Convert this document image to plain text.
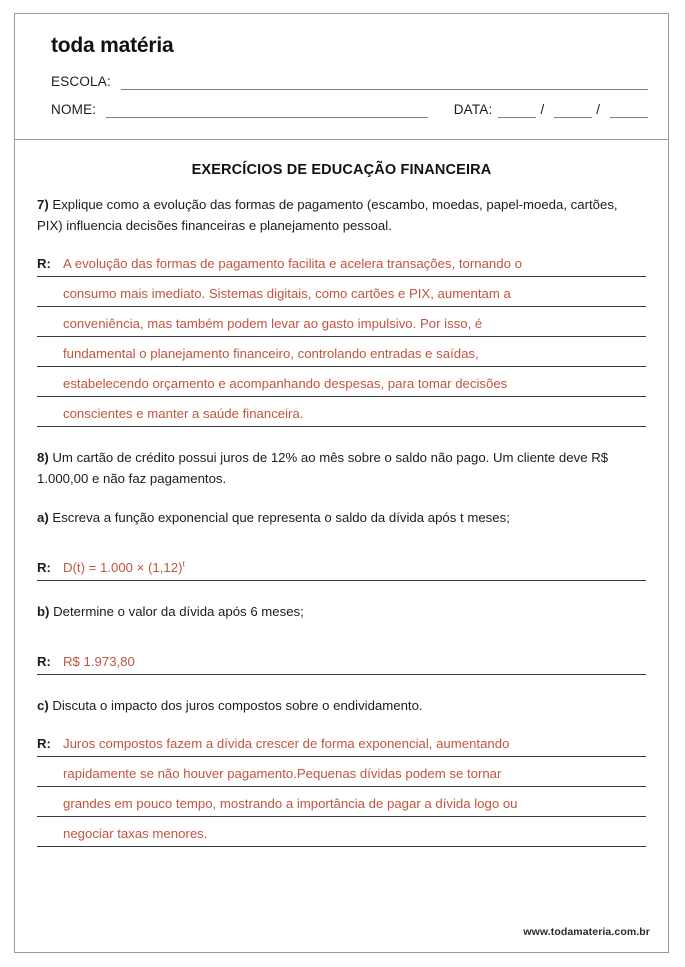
toda matéria
ESCOLA:
NOME:	DATA:	/	/
EXERCÍCIOS DE EDUCAÇÃO FINANCEIRA

7) Explique como a evolução das formas de pagamento (escambo, moedas, papel-moeda, cartões, PIX) influencia decisões financeiras e planejamento pessoal.

R: A evolução das formas de pagamento facilita e acelera transações, tornando o
consumo mais imediato. Sistemas digitais, como cartões e PIX, aumentam a
conveniência, mas também podem levar ao gasto impulsivo. Por isso, é
fundamental o planejamento financeiro, controlando entradas e saídas,
estabelecendo orçamento e acompanhando despesas, para tomar decisões
conscientes e manter a saúde financeira.

8) Um cartão de crédito possui juros de 12% ao mês sobre o saldo não pago. Um cliente deve R$ 1.000,00 e não faz pagamentos.

a) Escreva a função exponencial que representa o saldo da dívida após t meses;

R: $D(t) = 1.000 \times (1,12)^t$

b) Determine o valor da dívida após 6 meses;

R: R$ 1.973,80

c) Discuta o impacto dos juros compostos sobre o endividamento.

R: Juros compostos fazem a dívida crescer de forma exponencial, aumentando
rapidamente se não houver pagamento.Pequenas dívidas podem se tornar
grandes em pouco tempo, mostrando a importância de pagar a dívida logo ou
negociar taxas menores.
www.todamateria.com.br
